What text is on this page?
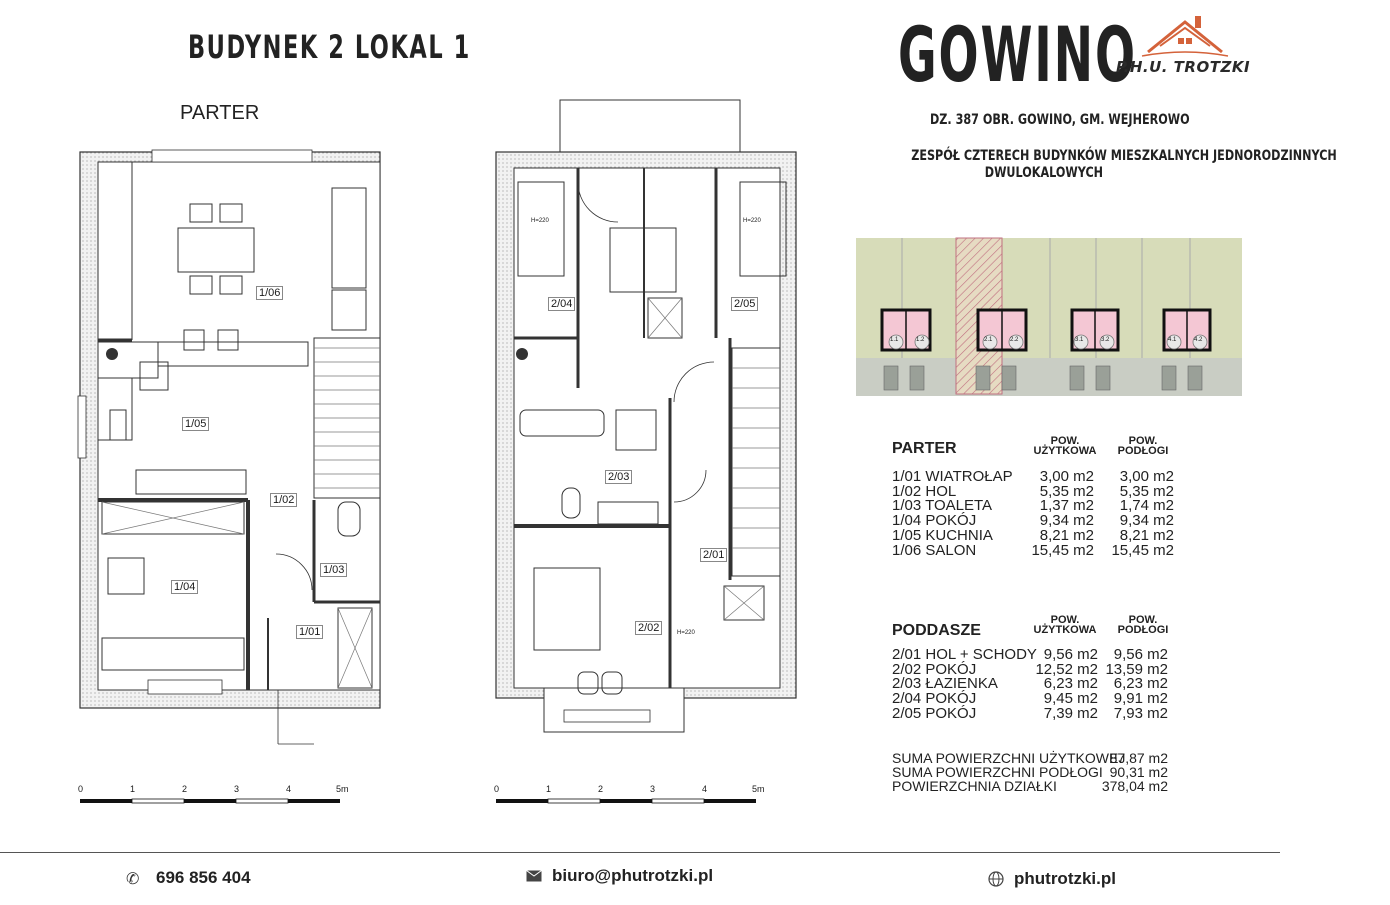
BUDYNEK 2 LOKAL 1
PARTER
GOWINO
P.H.U. TROTZKI
DZ. 387 OBR. GOWINO, GM. WEJHEROWO
ZESPÓŁ CZTERECH BUDYNKÓW MIESZKALNYCH JEDNORODZINNYCH
DWULOKALOWYCH
1/06
1/05
1/02
1/04
1/03
1/01
H=220	H=220
H=220
2/04	2/05
2/03
2/01
2/02
0	1	2	3	4	5m	0	1	2	3	4	5m
1.1	1.2	2.1	2.2	3.1	3.2	4.1	4.2
PARTER	POW.
UŻYTKOWA
POW.
PODŁOGI
1/01 WIATROŁAP 3,00 m2 3,00 m2
1/02 HOL	5,35 m2 5,35 m2
1/03 TOALETA	1,37 m2 1,74 m2
1/04 POKÓJ	9,34 m2 9,34 m2
1/05 KUCHNIA	8,21 m2 8,21 m2
1/06 SALON	15,45 m2 15,45 m2
PODDASZE
POW.
UŻYTKOWA
POW.
PODŁOGI
2/01 HOL + SCHODY 9,56 m2 9,56 m2
2/02 POKÓJ	12,52 m2 13,59 m2
2/03 ŁAZIENKA	6,23 m2 6,23 m2
2/04 POKÓJ	9,45 m2 9,91 m2
2/05 POKÓJ	7,39 m2 7,93 m2
SUMA POWIERZCHNI UŻYTKOWEJ
87,87 m2
SUMA POWIERZCHNI PODŁOGI 90,31 m2
POWIERZCHNIA DZIAŁKI	378,04 m2
✆ 696 856 404	biuro@phutrotzki.pl	phutrotzki.pl
